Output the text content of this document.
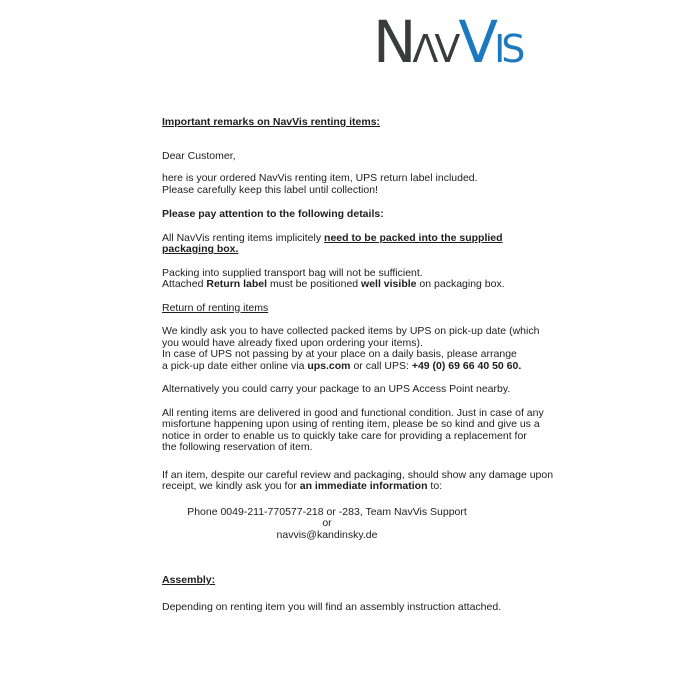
N
Λ
V V
I
S
Important remarks on NavVis renting items:
Dear Customer,
here is your ordered NavVis renting item, UPS return label included.
Please carefully keep this label until collection!
Please pay attention to the following details:
All NavVis renting items implicitely need to be packed into the supplied
packaging box.
Packing into supplied transport bag will not be sufficient.
Attached Return label must be positioned well visible on packaging box.
Return of renting items
We kindly ask you to have collected packed items by UPS on pick-up date (which
you would have already fixed upon ordering your items).
In case of UPS not passing by at your place on a daily basis, please arrange
a pick-up date either online via ups.com or call UPS: +49 (0) 69 66 40 50 60.
Alternatively you could carry your package to an UPS Access Point nearby.
All renting items are delivered in good and functional condition. Just in case of any
misfortune happening upon using of renting item, please be so kind and give us a
notice in order to enable us to quickly take care for providing a replacement for
the following reservation of item.
If an item, despite our careful review and packaging, should show any damage upon
receipt, we kindly ask you for an immediate information to:
Phone 0049-211-770577-218 or -283, Team NavVis Support
or
navvis@kandinsky.de
Assembly:
Depending on renting item you will find an assembly instruction attached.
